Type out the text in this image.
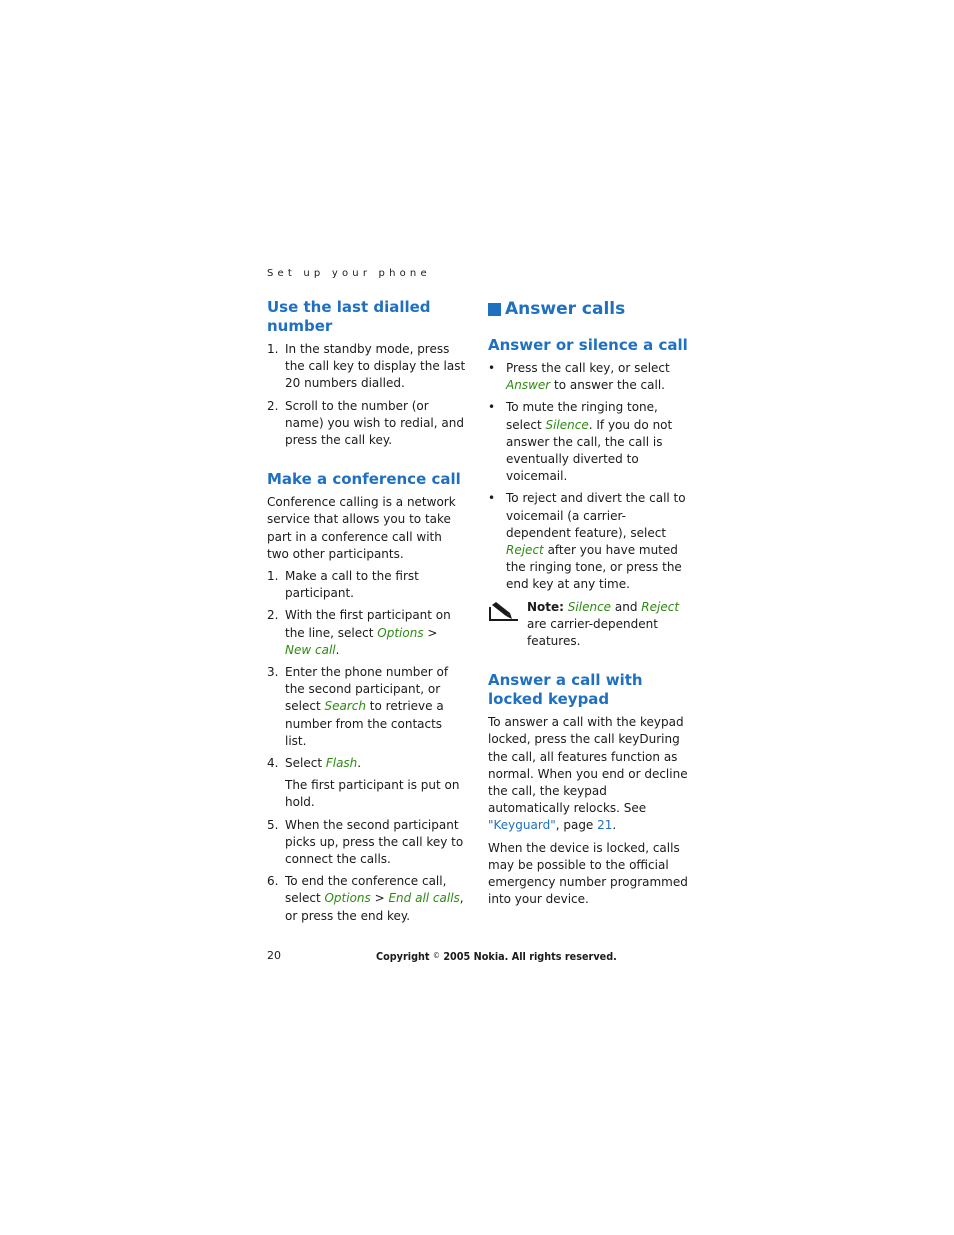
Set up your phone
Use the last dialled number
1. In the standby mode, press the call key to display the last 20 numbers dialled.
2. Scroll to the number (or name) you wish to redial, and press the call key.
Make a conference call

Conference calling is a network service that allows you to take part in a conference call with two other participants.

1. Make a call to the first participant.
2. With the first participant on the line, select Options > New call.
3. Enter the phone number of the second participant, or select Search to retrieve a number from the contacts list.
4. Select Flash.

The first participant is put on hold.

5. When the second participant picks up, press the call key to connect the calls.
6. To end the conference call, select Options > End all calls, or press the end key.
Answer calls
Answer or silence a call
• Press the call key, or select Answer to answer the call.
• To mute the ringing tone, select Silence. If you do not answer the call, the call is eventually diverted to voicemail.
• To reject and divert the call to voicemail (a carrier-dependent feature), select Reject after you have muted the ringing tone, or press the end key at any time.
Note: Silence and Reject are carrier-dependent features.
Answer a call with locked keypad

To answer a call with the keypad locked, press the call keyDuring the call, all features function as normal. When you end or decline the call, the keypad automatically relocks. See "Keyguard", page 21.

When the device is locked, calls may be possible to the official emergency number programmed into your device.

20	Copyright © 2005 Nokia. All rights reserved.
